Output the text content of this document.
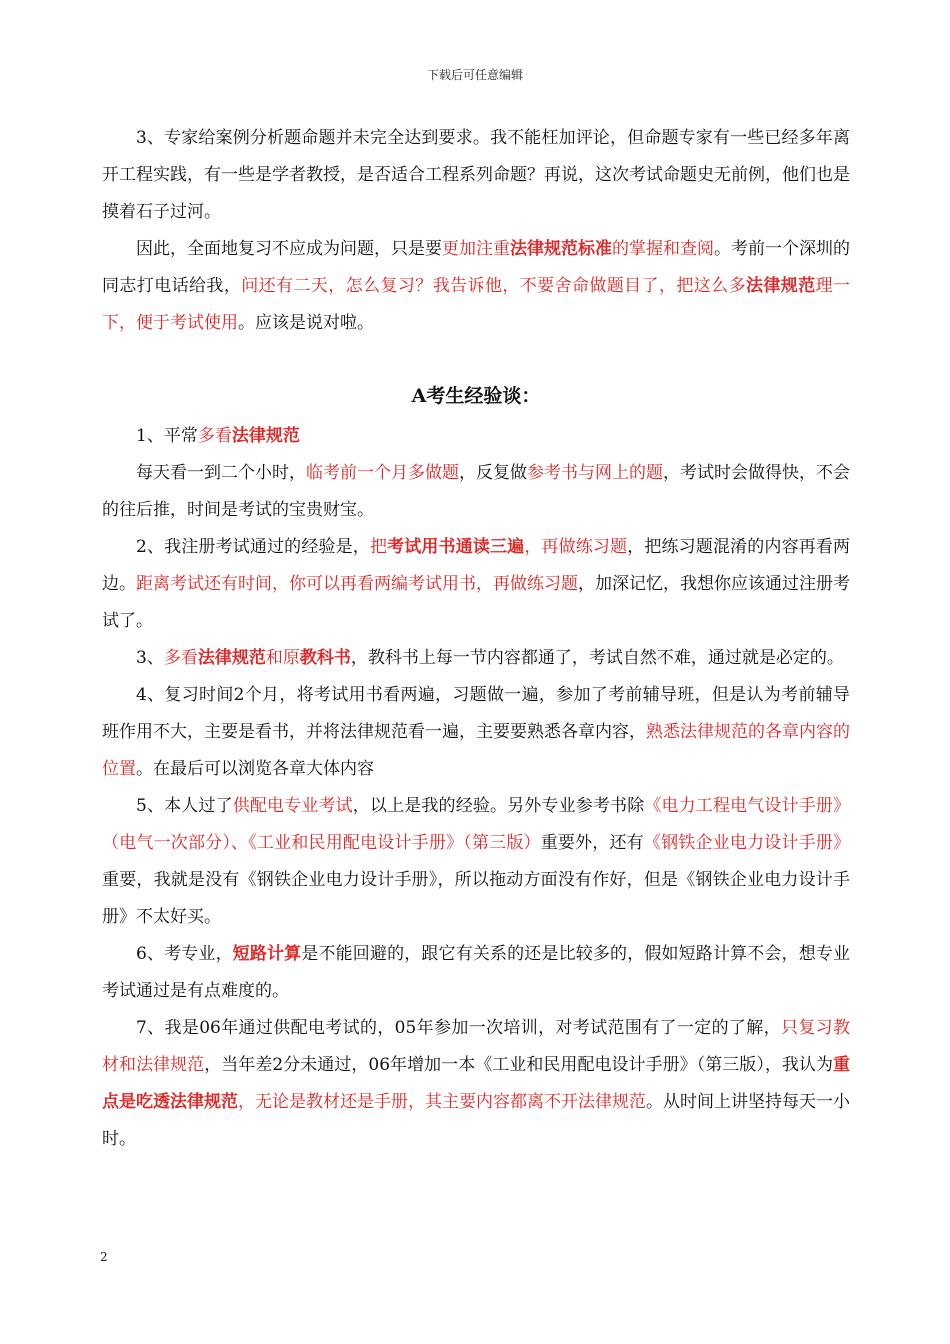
下载后可任意编辑

3、专家给案例分析题命题并未完全达到要求。我不能枉加评论，但命题专家有一些已经多年离开工程实践，有一些是学者教授，是否适合工程系列命题？再说，这次考试命题史无前例，他们也是摸着石子过河。

因此，全面地复习不应成为问题，只是要更加注重法律规范标准的掌握和查阅。考前一个深圳的同志打电话给我，问还有二天，怎么复习？我告诉他，不要舍命做题目了，把这么多法律规范理一下，便于考试使用。应该是说对啦。

A考生经验谈：

1、平常多看法律规范

每天看一到二个小时，临考前一个月多做题，反复做参考书与网上的题，考试时会做得快，不会的往后推，时间是考试的宝贵财宝。

2、我注册考试通过的经验是，把考试用书通读三遍，再做练习题，把练习题混淆的内容再看两边。距离考试还有时间，你可以再看两编考试用书，再做练习题，加深记忆，我想你应该通过注册考试了。

3、多看法律规范和原教科书，教科书上每一节内容都通了，考试自然不难，通过就是必定的。

4、复习时间2个月，将考试用书看两遍，习题做一遍，参加了考前辅导班，但是认为考前辅导班作用不大，主要是看书，并将法律规范看一遍，主要要熟悉各章内容，熟悉法律规范的各章内容的位置。在最后可以浏览各章大体内容

5、本人过了供配电专业考试，以上是我的经验。另外专业参考书除《电力工程电气设计手册》（电气一次部分）、《工业和民用配电设计手册》（第三版）重要外，还有《钢铁企业电力设计手册》重要，我就是没有《钢铁企业电力设计手册》，所以拖动方面没有作好，但是《钢铁企业电力设计手册》不太好买。

6、考专业，短路计算是不能回避的，跟它有关系的还是比较多的，假如短路计算不会，想专业考试通过是有点难度的。

7、我是06年通过供配电考试的，05年参加一次培训，对考试范围有了一定的了解，只复习教材和法律规范，当年差2分未通过，06年增加一本《工业和民用配电设计手册》（第三版），我认为重点是吃透法律规范，无论是教材还是手册，其主要内容都离不开法律规范。从时间上讲坚持每天一小时。

2
